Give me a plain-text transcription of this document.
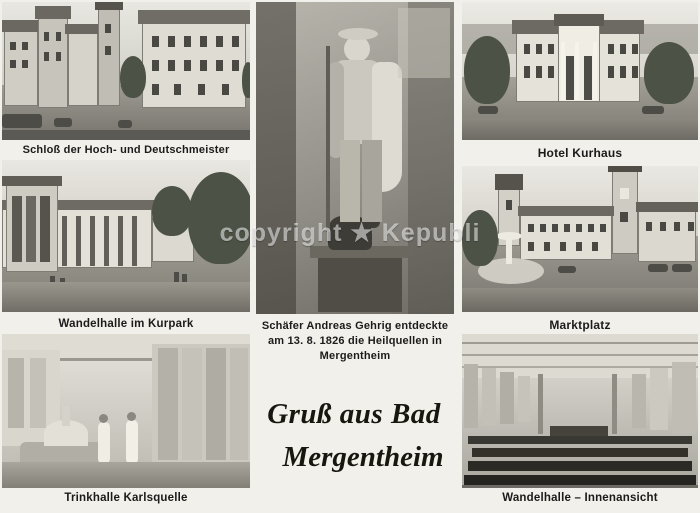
Schloß der Hoch- und Deutschmeister	Hotel Kurhaus
Schäfer Andreas Gehrig entdeckte
am 13. 8. 1826 die Heilquellen in
Mergentheim
Wandelhalle im Kurpark	Marktplatz
Trinkhalle Karlsquelle	Wandelhalle – Innenansicht
Gruß aus Bad
Mergentheim
copyright ★ Kepubli
